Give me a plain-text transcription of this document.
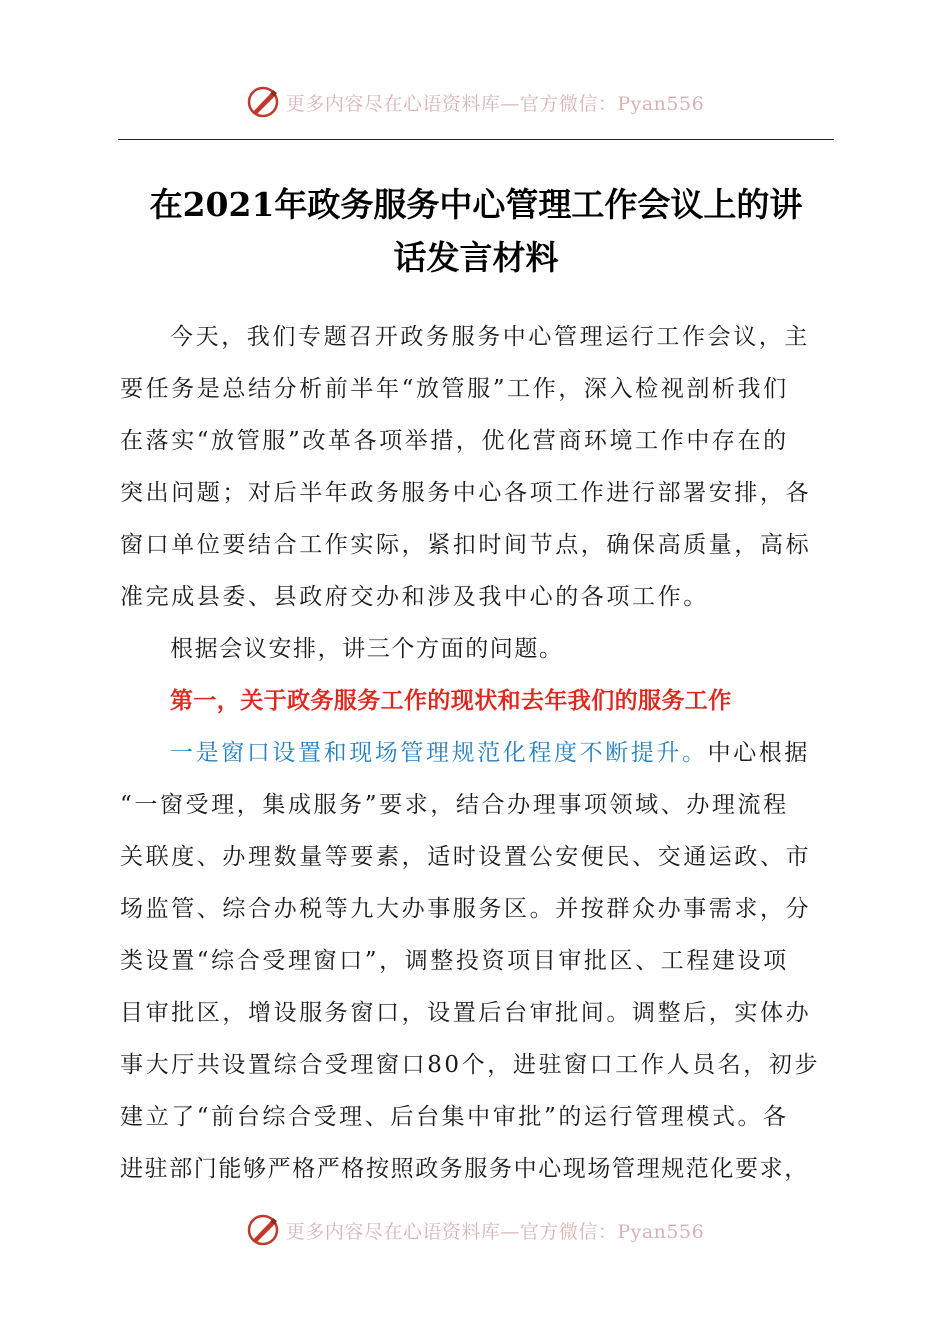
更多内容尽在心语资料库—官方微信：Pyan556
在2021年政务服务中心管理工作会议上的讲
话发言材料
今天，我们专题召开政务服务中心管理运行工作会议，主
要任务是总结分析前半年“放管服”工作，深入检视剖析我们
在落实“放管服”改革各项举措，优化营商环境工作中存在的
突出问题；对后半年政务服务中心各项工作进行部署安排，各
窗口单位要结合工作实际，紧扣时间节点，确保高质量，高标
准完成县委、县政府交办和涉及我中心的各项工作。
根据会议安排，讲三个方面的问题。
第一，关于政务服务工作的现状和去年我们的服务工作
一是窗口设置和现场管理规范化程度不断提升。中心根据
“一窗受理，集成服务”要求，结合办理事项领域、办理流程
关联度、办理数量等要素，适时设置公安便民、交通运政、市
场监管、综合办税等九大办事服务区。并按群众办事需求，分
类设置“综合受理窗口”，调整投资项目审批区、工程建设项
目审批区，增设服务窗口，设置后台审批间。调整后，实体办
事大厅共设置综合受理窗口80个，进驻窗口工作人员名，初步
建立了“前台综合受理、后台集中审批”的运行管理模式。各
进驻部门能够严格严格按照政务服务中心现场管理规范化要求，
更多内容尽在心语资料库—官方微信：Pyan556
